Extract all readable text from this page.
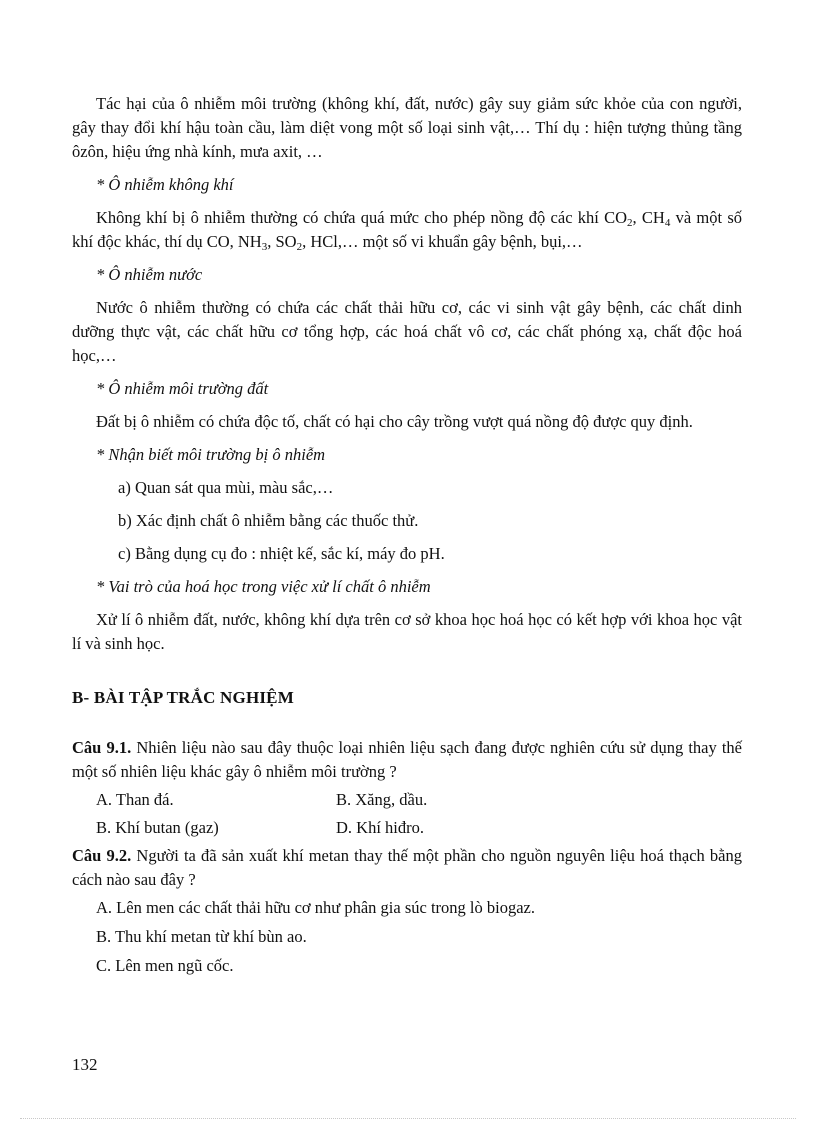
Tác hại của ô nhiễm môi trường (không khí, đất, nước) gây suy giảm sức khỏe của con người, gây thay đổi khí hậu toàn cầu, làm diệt vong một số loại sinh vật,… Thí dụ : hiện tượng thủng tầng ôzôn, hiệu ứng nhà kính, mưa axit, …

* Ô nhiễm không khí

Không khí bị ô nhiễm thường có chứa quá mức cho phép nồng độ các khí $CO_2$, $CH_4$ và một số khí độc khác, thí dụ CO, $NH_3$, $SO_2$, HCl,… một số vi khuẩn gây bệnh, bụi,…

* Ô nhiễm nước

Nước ô nhiễm thường có chứa các chất thải hữu cơ, các vi sinh vật gây bệnh, các chất dinh dưỡng thực vật, các chất hữu cơ tổng hợp, các hoá chất vô cơ, các chất phóng xạ, chất độc hoá học,…

* Ô nhiễm môi trường đất

Đất bị ô nhiễm có chứa độc tố, chất có hại cho cây trồng vượt quá nồng độ được quy định.

* Nhận biết môi trường bị ô nhiễm
a) Quan sát qua mùi, màu sắc,…
b) Xác định chất ô nhiễm bằng các thuốc thử.
c) Bằng dụng cụ đo : nhiệt kế, sắc kí, máy đo pH.
* Vai trò của hoá học trong việc xử lí chất ô nhiễm

Xử lí ô nhiễm đất, nước, không khí dựa trên cơ sở khoa học hoá học có kết hợp với khoa học vật lí và sinh học.

B- BÀI TẬP TRẮC NGHIỆM

Câu 9.1. Nhiên liệu nào sau đây thuộc loại nhiên liệu sạch đang được nghiên cứu sử dụng thay thế một số nhiên liệu khác gây ô nhiễm môi trường ?

A. Than đá.	B. Xăng, dầu.
B. Khí butan (gaz)	D. Khí hiđro.

Câu 9.2. Người ta đã sản xuất khí metan thay thế một phần cho nguồn nguyên liệu hoá thạch bằng cách nào sau đây ?

A. Lên men các chất thải hữu cơ như phân gia súc trong lò biogaz.
B. Thu khí metan từ khí bùn ao.
C. Lên men ngũ cốc.
132
